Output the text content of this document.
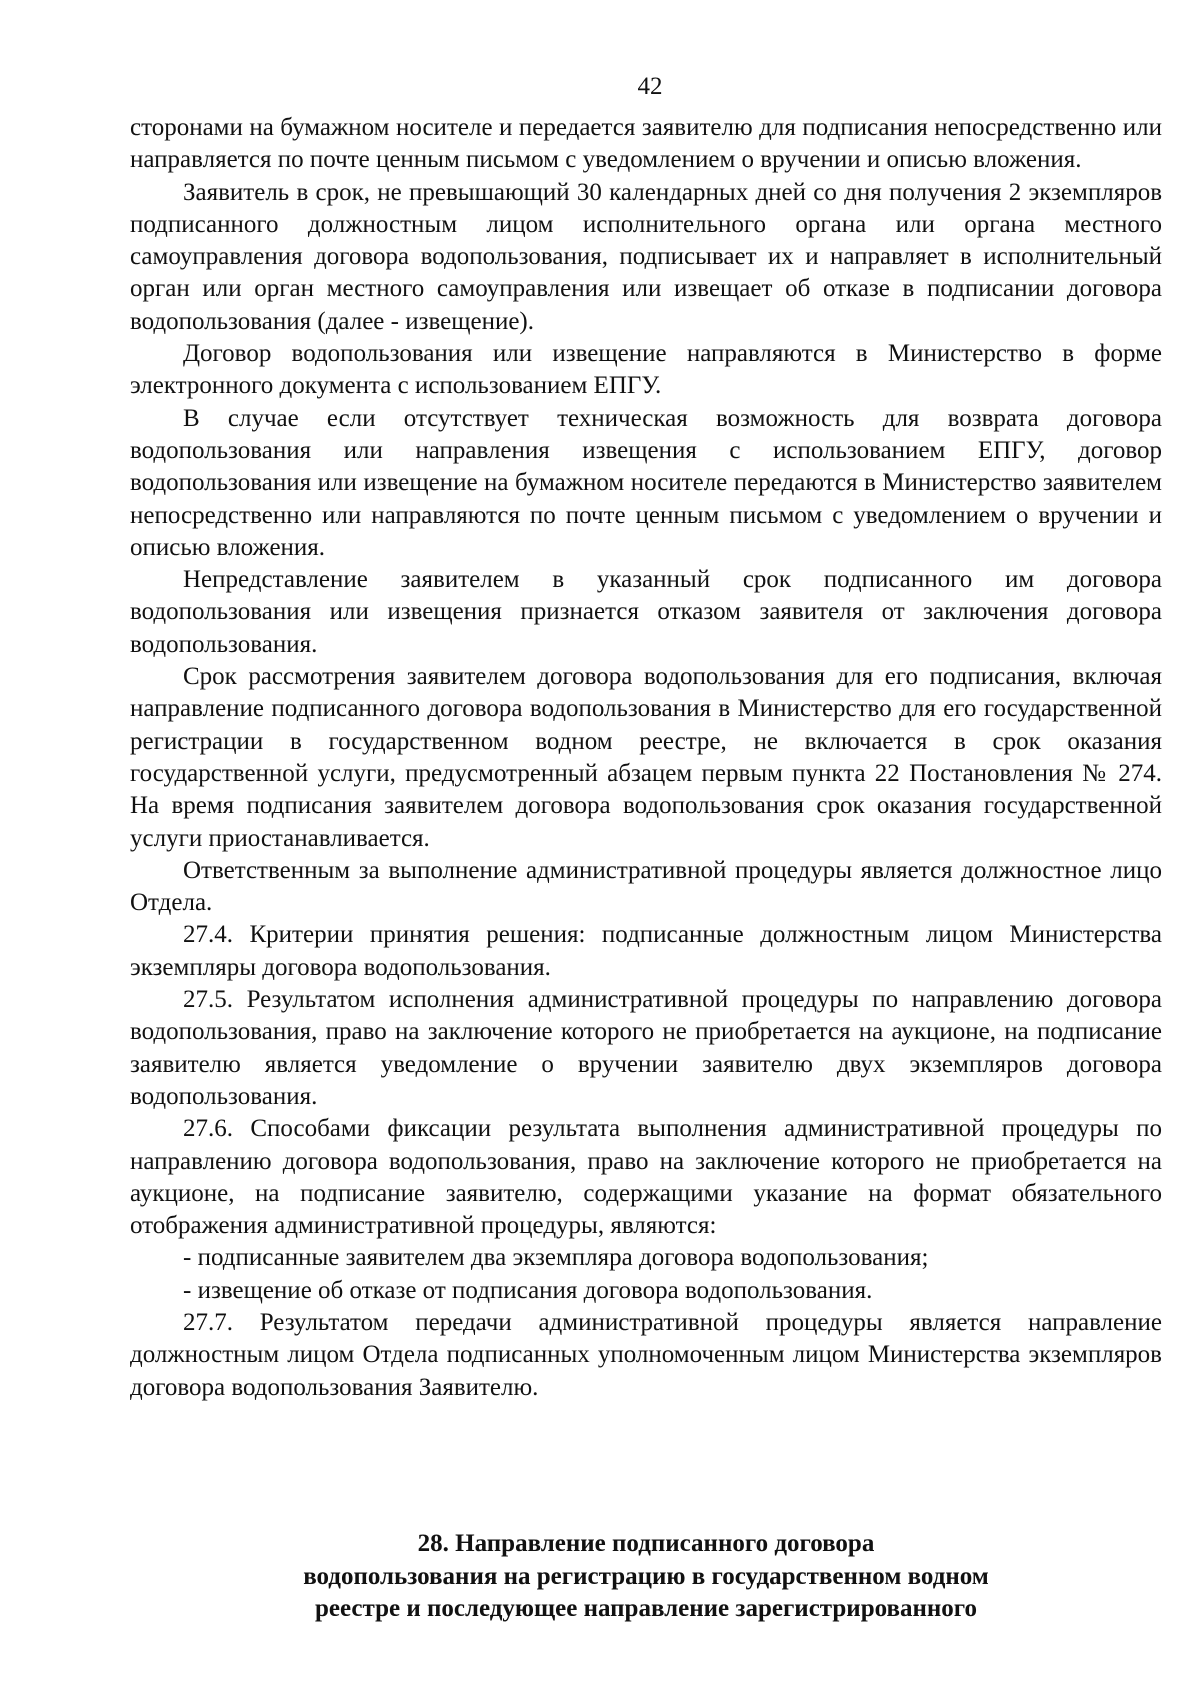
42

сторонами на бумажном носителе и передается заявителю для подписания непосредственно или направляется по почте ценным письмом с уведомлением о вручении и описью вложения.

Заявитель в срок, не превышающий 30 календарных дней со дня получения 2 экземпляров подписанного должностным лицом исполнительного органа или органа местного самоуправления договора водопользования, подписывает их и направляет в исполнительный орган или орган местного самоуправления или извещает об отказе в подписании договора водопользования (далее - извещение).

Договор водопользования или извещение направляются в Министерство в форме электронного документа с использованием ЕПГУ.

В случае если отсутствует техническая возможность для возврата договора водопользования или направления извещения с использованием ЕПГУ, договор водопользования или извещение на бумажном носителе передаются в Министерство заявителем непосредственно или направляются по почте ценным письмом с уведомлением о вручении и описью вложения.

Непредставление заявителем в указанный срок подписанного им договора водопользования или извещения признается отказом заявителя от заключения договора водопользования.

Срок рассмотрения заявителем договора водопользования для его подписания, включая направление подписанного договора водопользования в Министерство для его государственной регистрации в государственном водном реестре, не включается в срок оказания государственной услуги, предусмотренный абзацем первым пункта 22 Постановления № 274. На время подписания заявителем договора водопользования срок оказания государственной услуги приостанавливается.

Ответственным за выполнение административной процедуры является должностное лицо Отдела.

27.4. Критерии принятия решения: подписанные должностным лицом Министерства экземпляры договора водопользования.

27.5. Результатом исполнения административной процедуры по направлению договора водопользования, право на заключение которого не приобретается на аукционе, на подписание заявителю является уведомление о вручении заявителю двух экземпляров договора водопользования.

27.6. Способами фиксации результата выполнения административной процедуры по направлению договора водопользования, право на заключение которого не приобретается на аукционе, на подписание заявителю, содержащими указание на формат обязательного отображения административной процедуры, являются:

- подписанные заявителем два экземпляра договора водопользования;

- извещение об отказе от подписания договора водопользования.

27.7. Результатом передачи административной процедуры является направление должностным лицом Отдела подписанных уполномоченным лицом Министерства экземпляров договора водопользования Заявителю.

28. Направление подписанного договора
водопользования на регистрацию в государственном водном
реестре и последующее направление зарегистрированного
